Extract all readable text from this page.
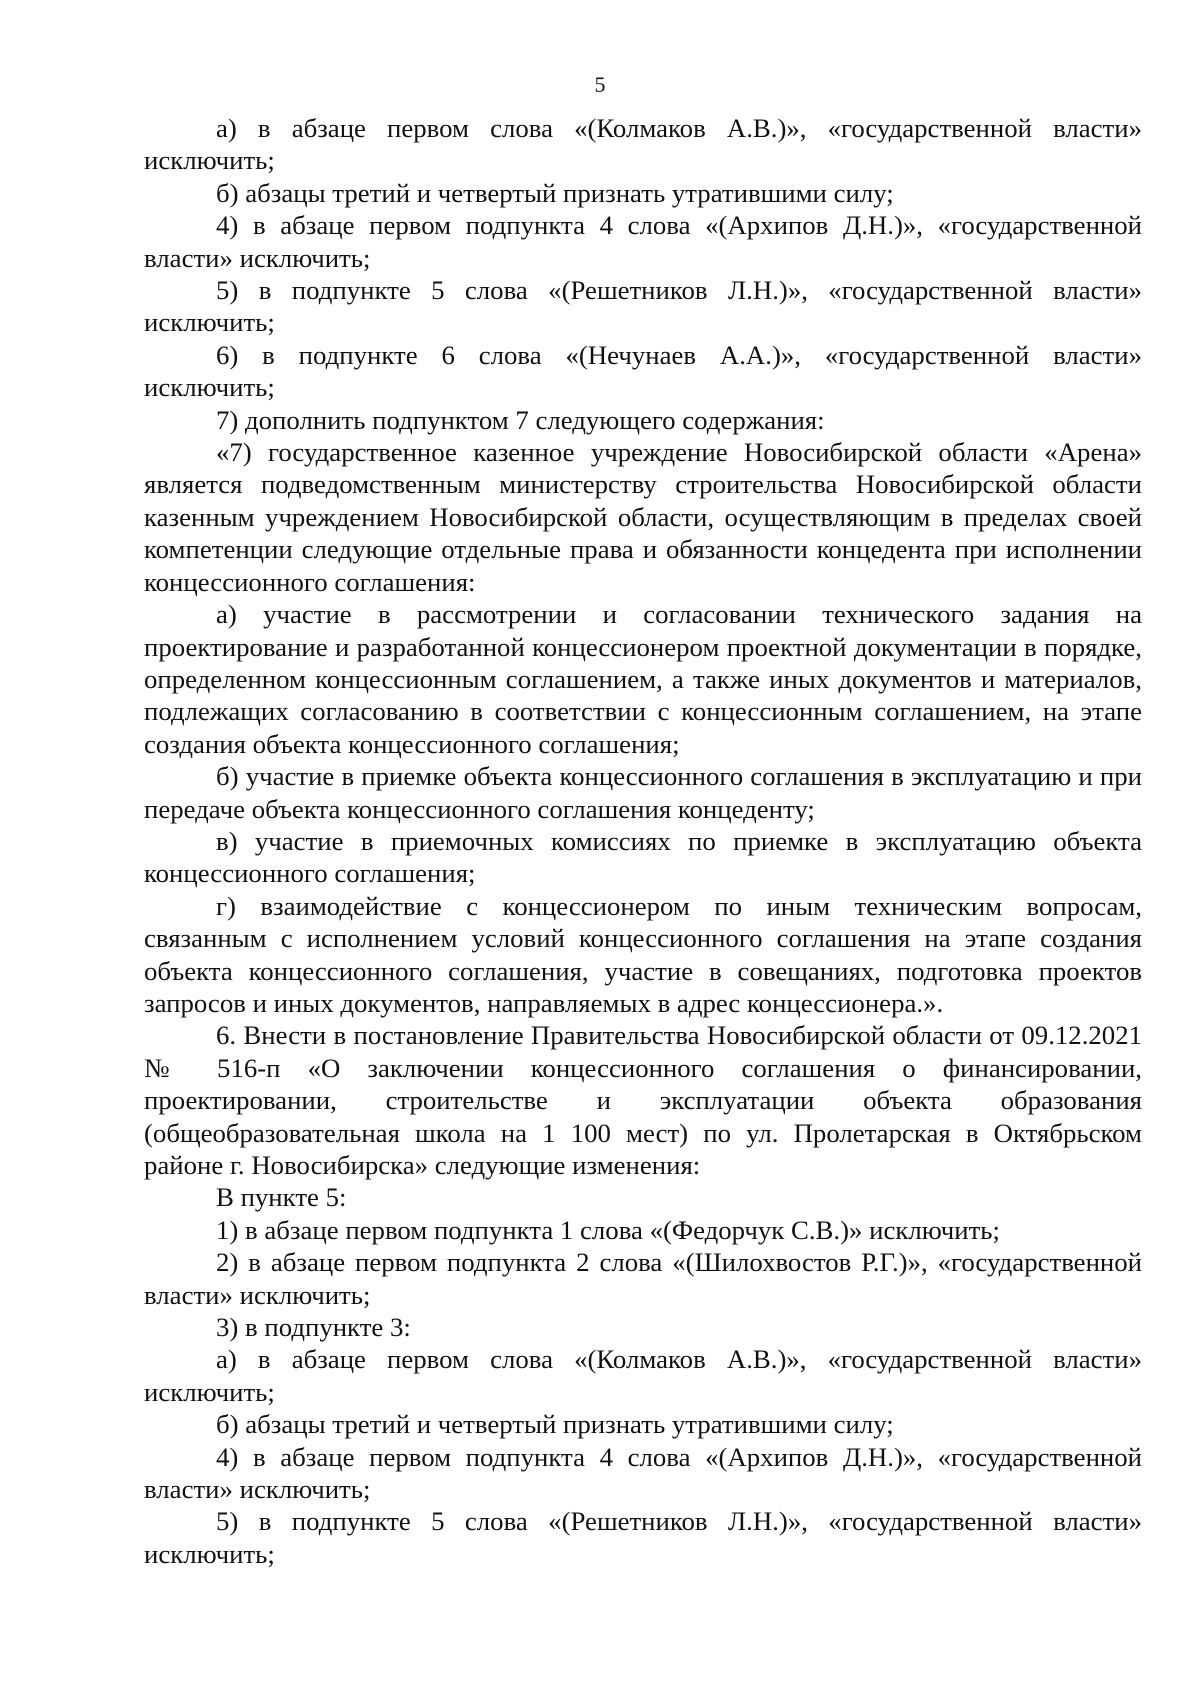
5

а) в абзаце первом слова «(Колмаков А.В.)», «государственной власти» исключить;

б) абзацы третий и четвертый признать утратившими силу;

4) в абзаце первом подпункта 4 слова «(Архипов Д.Н.)», «государственной власти» исключить;

5) в подпункте 5 слова «(Решетников Л.Н.)», «государственной власти» исключить;

6) в подпункте 6 слова «(Нечунаев А.А.)», «государственной власти» исключить;

7) дополнить подпунктом 7 следующего содержания:

«7) государственное казенное учреждение Новосибирской области «Арена» является подведомственным министерству строительства Новосибирской области казенным учреждением Новосибирской области, осуществляющим в пределах своей компетенции следующие отдельные права и обязанности концедента при исполнении концессионного соглашения:

а) участие в рассмотрении и согласовании технического задания на проектирование и разработанной концессионером проектной документации в порядке, определенном концессионным соглашением, а также иных документов и материалов, подлежащих согласованию в соответствии с концессионным соглашением, на этапе создания объекта концессионного соглашения;

б) участие в приемке объекта концессионного соглашения в эксплуатацию и при передаче объекта концессионного соглашения концеденту;

в) участие в приемочных комиссиях по приемке в эксплуатацию объекта концессионного соглашения;

г) взаимодействие с концессионером по иным техническим вопросам, связанным с исполнением условий концессионного соглашения на этапе создания объекта концессионного соглашения, участие в совещаниях, подготовка проектов запросов и иных документов, направляемых в адрес концессионера.».

6. Внести в постановление Правительства Новосибирской области от 09.12.2021 № 516-п «О заключении концессионного соглашения о финансировании, проектировании, строительстве и эксплуатации объекта образования (общеобразовательная школа на 1 100 мест) по ул. Пролетарская в Октябрьском районе г. Новосибирска» следующие изменения:

В пункте 5:

1) в абзаце первом подпункта 1 слова «(Федорчук С.В.)» исключить;

2) в абзаце первом подпункта 2 слова «(Шилохвостов Р.Г.)», «государственной власти» исключить;

3) в подпункте 3:

а) в абзаце первом слова «(Колмаков А.В.)», «государственной власти» исключить;

б) абзацы третий и четвертый признать утратившими силу;

4) в абзаце первом подпункта 4 слова «(Архипов Д.Н.)», «государственной власти» исключить;

5) в подпункте 5 слова «(Решетников Л.Н.)», «государственной власти» исключить;
